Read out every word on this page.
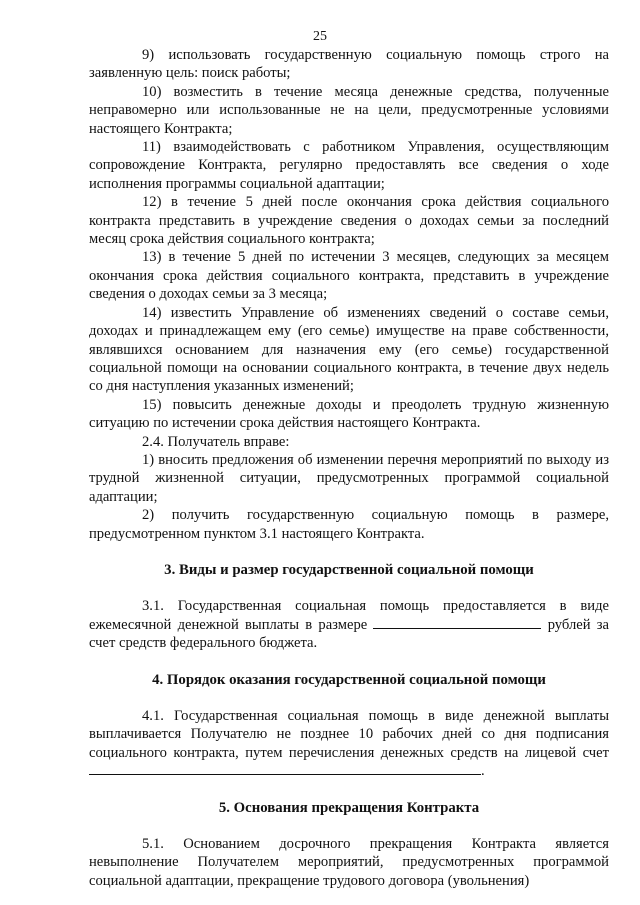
25

9) использовать государственную социальную помощь строго на заявленную цель: поиск работы;

10) возместить в течение месяца денежные средства, полученные неправомерно или использованные не на цели, предусмотренные условиями настоящего Контракта;

11) взаимодействовать с работником Управления, осуществляющим сопровождение Контракта, регулярно предоставлять все сведения о ходе исполнения программы социальной адаптации;

12) в течение 5 дней после окончания срока действия социального контракта представить в учреждение сведения о доходах семьи за последний месяц срока действия социального контракта;

13) в течение 5 дней по истечении 3 месяцев, следующих за месяцем окончания срока действия социального контракта, представить в учреждение сведения о доходах семьи за 3 месяца;

14) известить Управление об изменениях сведений о составе семьи, доходах и принадлежащем ему (его семье) имуществе на праве собственности, являвшихся основанием для назначения ему (его семье) государственной социальной помощи на основании социального контракта, в течение двух недель со дня наступления указанных изменений;

15) повысить денежные доходы и преодолеть трудную жизненную ситуацию по истечении срока действия настоящего Контракта.

2.4. Получатель вправе:

1) вносить предложения об изменении перечня мероприятий по выходу из трудной жизненной ситуации, предусмотренных программой социальной адаптации;

2) получить государственную социальную помощь в размере, предусмотренном пунктом 3.1 настоящего Контракта.

3. Виды и размер государственной социальной помощи

3.1. Государственная социальная помощь предоставляется в виде ежемесячной денежной выплаты в размере	рублей за счет средств федерального бюджета.

4. Порядок оказания государственной социальной помощи

4.1. Государственная социальная помощь в виде денежной выплаты выплачивается Получателю не позднее 10 рабочих дней со дня подписания социального контракта, путем перечисления денежных средств на лицевой счет .

5. Основания прекращения Контракта

5.1. Основанием досрочного прекращения Контракта является невыполнение Получателем мероприятий, предусмотренных программой социальной адаптации, прекращение трудового договора (увольнения)
